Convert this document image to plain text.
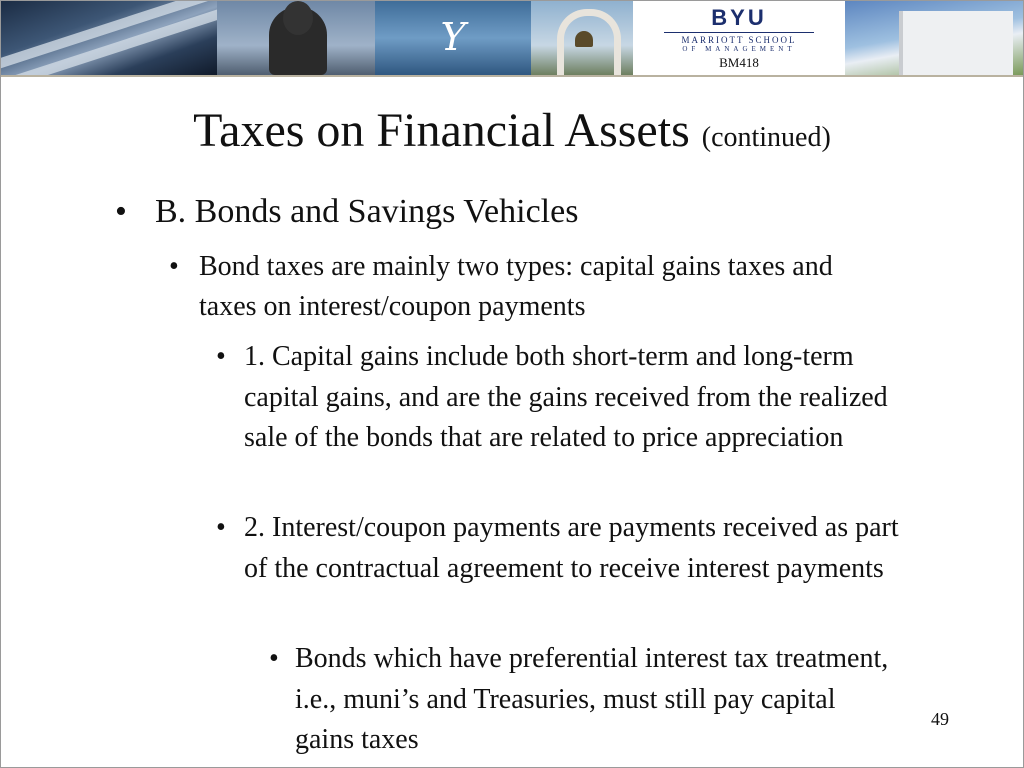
Y	BYU
MARRIOTT SCHOOL
OF MANAGEMENT
BM418
Taxes on Financial Assets (continued)
• B. Bonds and Savings Vehicles
• Bond taxes are mainly two types: capital gains taxes and taxes on interest/coupon payments
• 1. Capital gains include both short-term and long-term capital gains, and are the gains received from the realized sale of the bonds that are related to price appreciation
• 2. Interest/coupon payments are payments received as part of the contractual agreement to receive interest payments
• Bonds which have preferential interest tax treatment, i.e., muni’s and Treasuries, must still pay capital gains taxes
49
